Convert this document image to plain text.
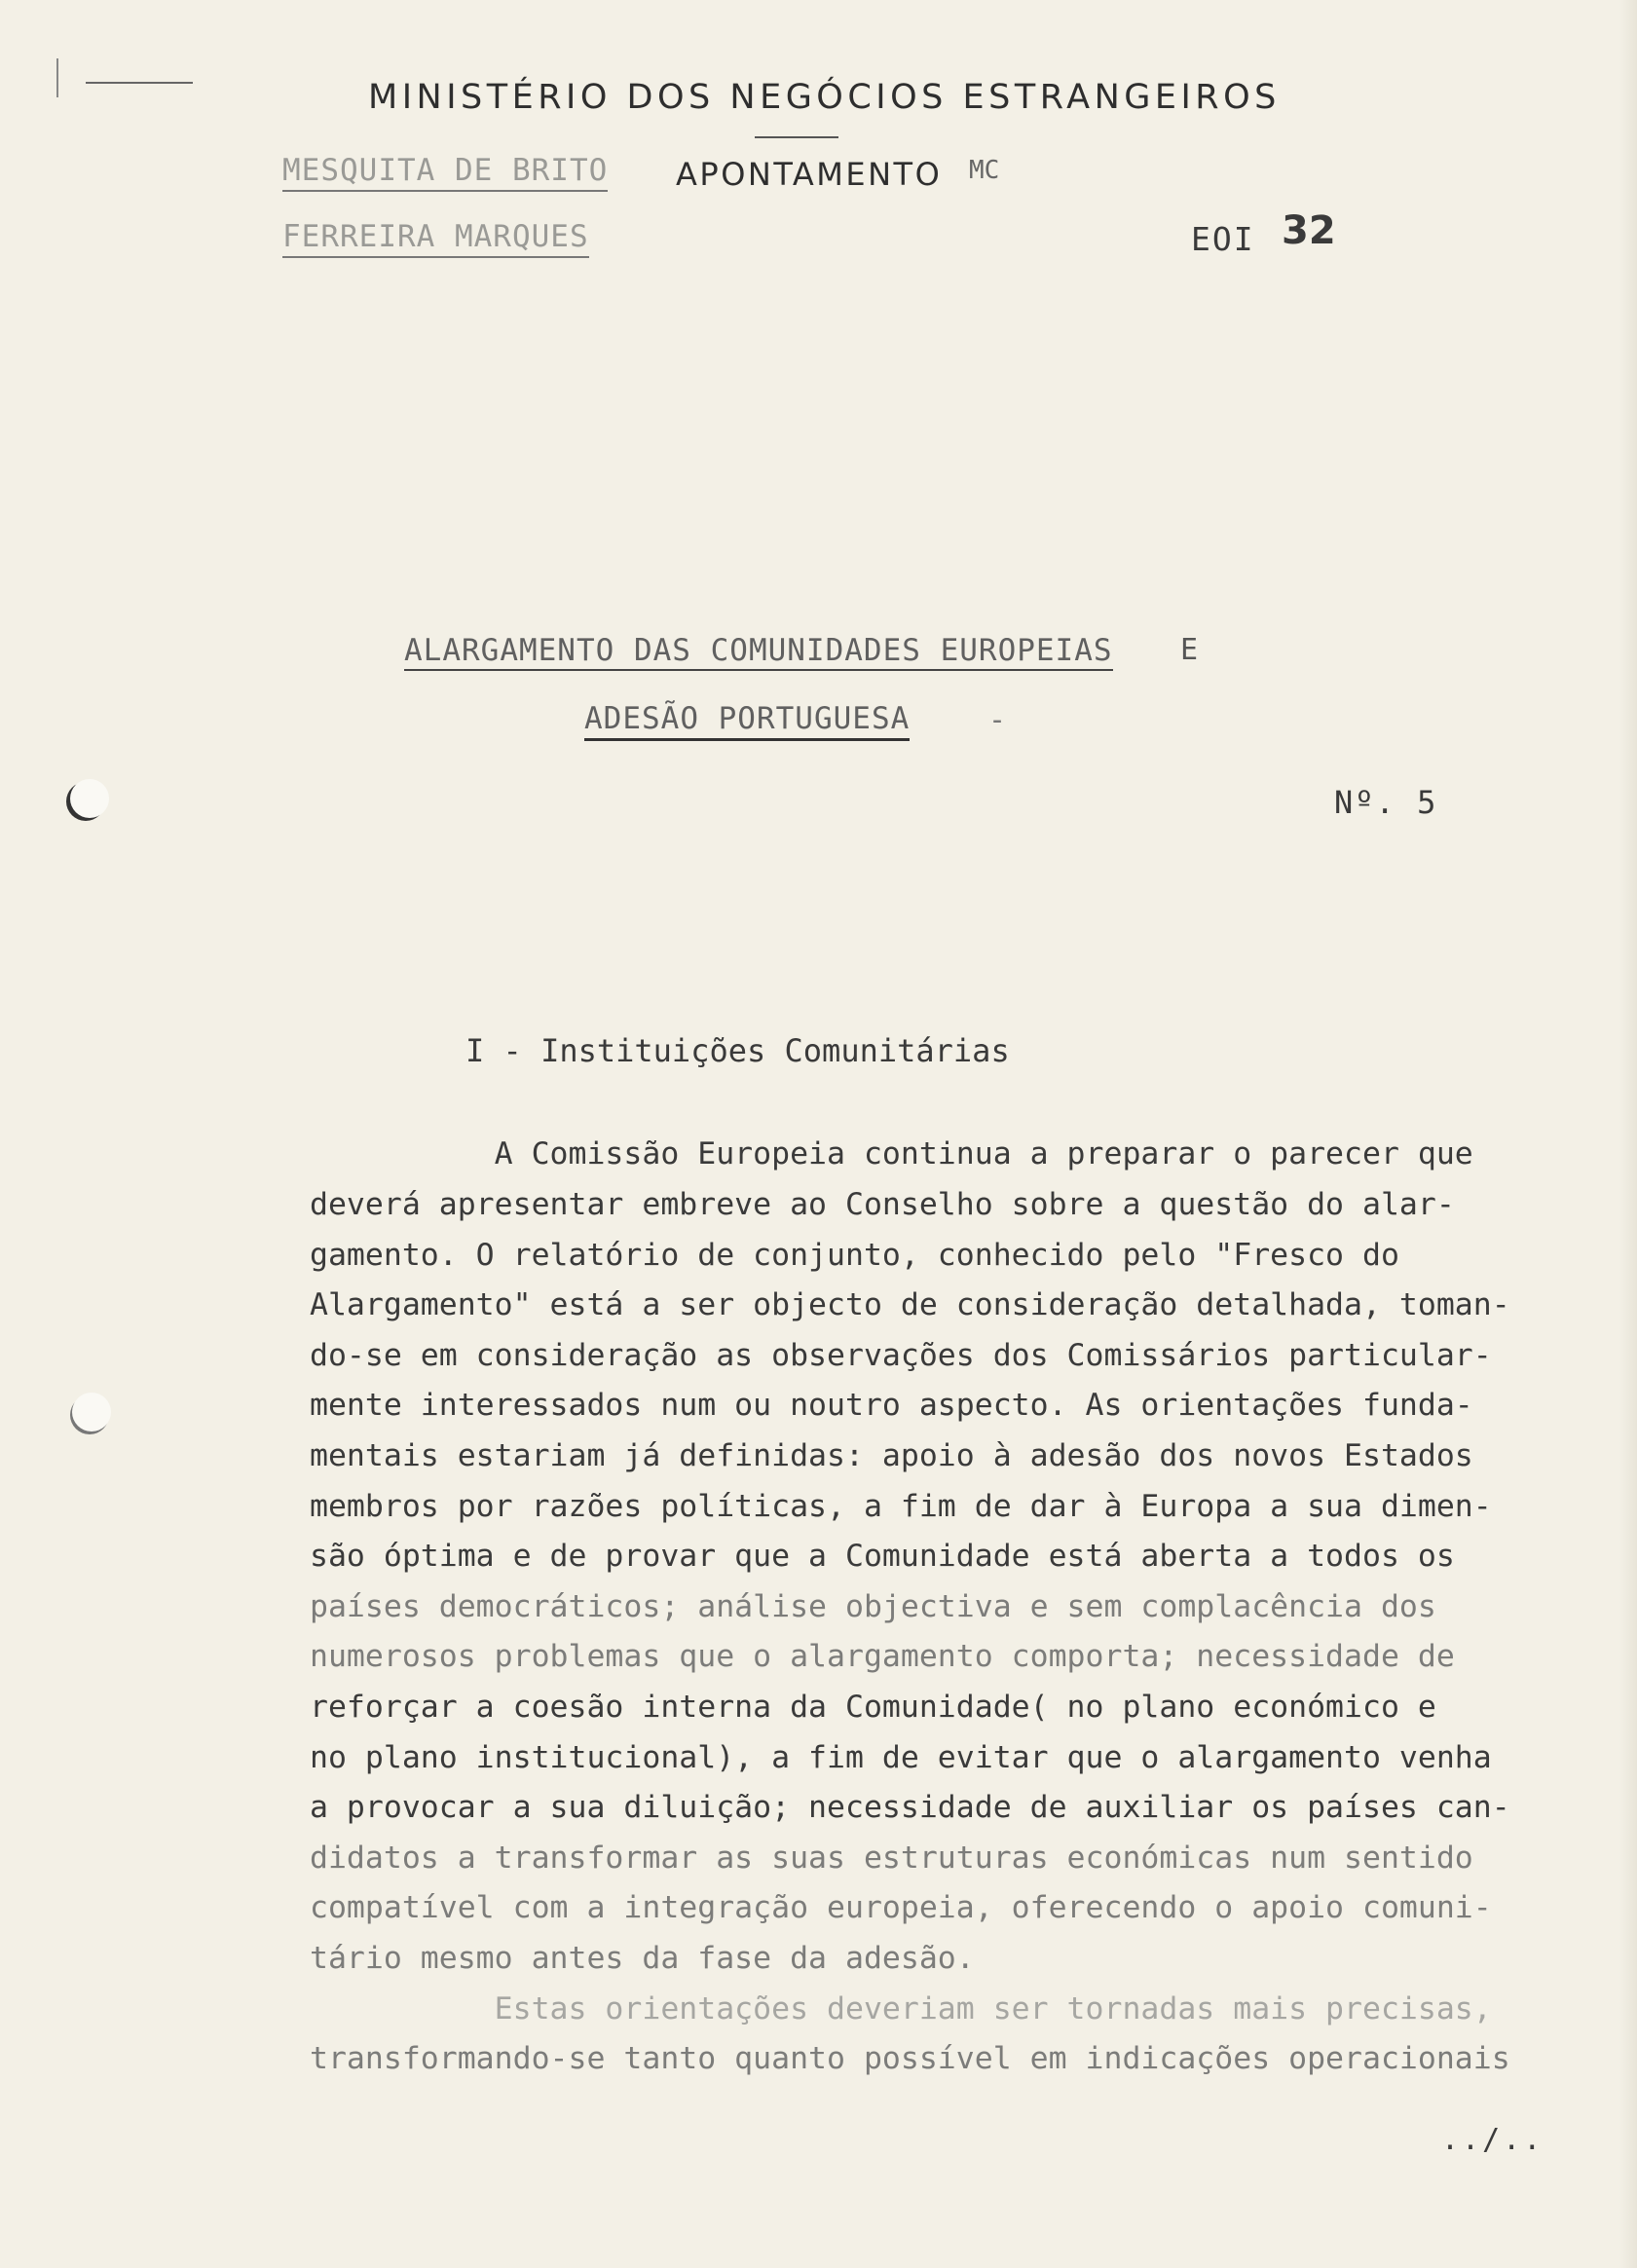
MINISTÉRIO DOS NEGÓCIOS ESTRANGEIROS
MESQUITA DE BRITO
FERREIRA MARQUES
APONTAMENTO MC
EOI 32
ALARGAMENTO DAS COMUNIDADES EUROPEIAS E
ADESÃO PORTUGUESA	-
Nº. 5
I - Instituições Comunitárias
A Comissão Europeia continua a preparar o parecer que
deverá apresentar embreve ao Conselho sobre a questão do alar-
gamento. O relatório de conjunto, conhecido pelo "Fresco do
Alargamento" está a ser objecto de consideração detalhada, toman-
do-se em consideração as observações dos Comissários particular-
mente interessados num ou noutro aspecto. As orientações funda-
mentais estariam já definidas: apoio à adesão dos novos Estados
membros por razões políticas, a fim de dar à Europa a sua dimen-
são óptima e de provar que a Comunidade está aberta a todos os
países democráticos; análise objectiva e sem complacência dos
numerosos problemas que o alargamento comporta; necessidade de
reforçar a coesão interna da Comunidade( no plano económico e
no plano institucional), a fim de evitar que o alargamento venha
a provocar a sua diluição; necessidade de auxiliar os países can-
didatos a transformar as suas estruturas económicas num sentido
compatível com a integração europeia, oferecendo o apoio comuni-
tário mesmo antes da fase da adesão.
Estas orientações deveriam ser tornadas mais precisas,
transformando-se tanto quanto possível em indicações operacionais
../..
